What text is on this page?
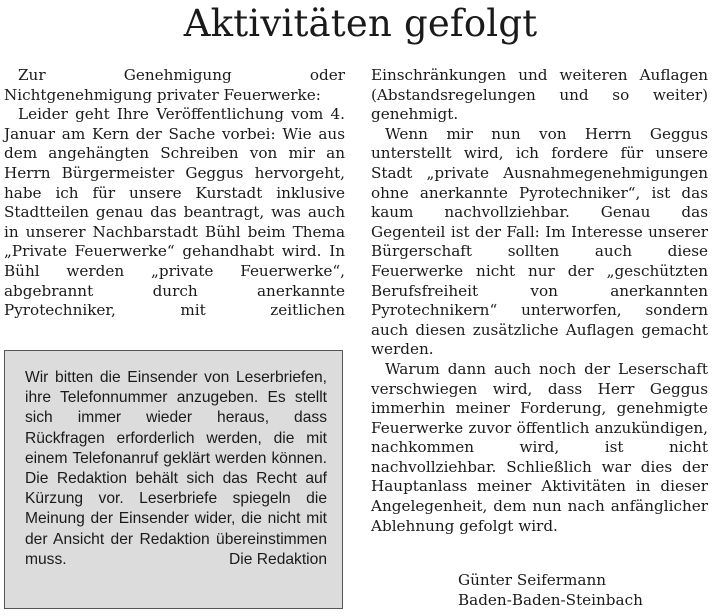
Aktivitäten gefolgt

Zur Genehmigung oder Nichtgenehmigung privater Feuerwerke:

Leider geht Ihre Veröffentlichung vom 4. Januar am Kern der Sache vorbei: Wie aus dem angehängten Schreiben von mir an Herrn Bürgermeister Geggus hervorgeht, habe ich für unsere Kurstadt inklusive Stadtteilen genau das beantragt, was auch in unserer Nachbarstadt Bühl beim Thema „Private Feuerwerke“ gehandhabt wird. In Bühl werden „private Feuerwerke“, abgebrannt durch anerkannte Pyrotechniker, mit zeitlichen

Einschränkungen und weiteren Auflagen (Abstandsregelungen und so weiter) genehmigt.

Wenn mir nun von Herrn Geggus unterstellt wird, ich fordere für unsere Stadt „private Ausnahmegenehmigungen ohne anerkannte Pyrotechniker“, ist das kaum nachvollziehbar. Genau das Gegenteil ist der Fall: Im Interesse unserer Bürgerschaft sollten auch diese Feuerwerke nicht nur der „geschützten Berufsfreiheit von anerkannten Pyrotechnikern“ unterworfen, sondern auch diesen zusätzliche Auflagen gemacht werden.

Warum dann auch noch der Leserschaft verschwiegen wird, dass Herr Geggus immerhin meiner Forderung, genehmigte Feuerwerke zuvor öffentlich anzukündigen, nachkommen wird, ist nicht nachvollziehbar. Schließlich war dies der Hauptanlass meiner Aktivitäten in dieser Angelegenheit, dem nun nach anfänglicher Ablehnung gefolgt wird.

Günter Seifermann
Baden-Baden-Steinbach
Wir bitten die Einsender von Leserbriefen, ihre Telefonnummer anzugeben. Es stellt sich immer wieder heraus, dass Rückfragen erforderlich werden, die mit einem Telefonanruf geklärt werden können. Die Redaktion behält sich das Recht auf Kürzung vor. Leserbriefe spiegeln die Meinung der Einsender wider, die nicht mit der Ansicht der Redaktion übereinstimmen muss.	Die Redaktion
